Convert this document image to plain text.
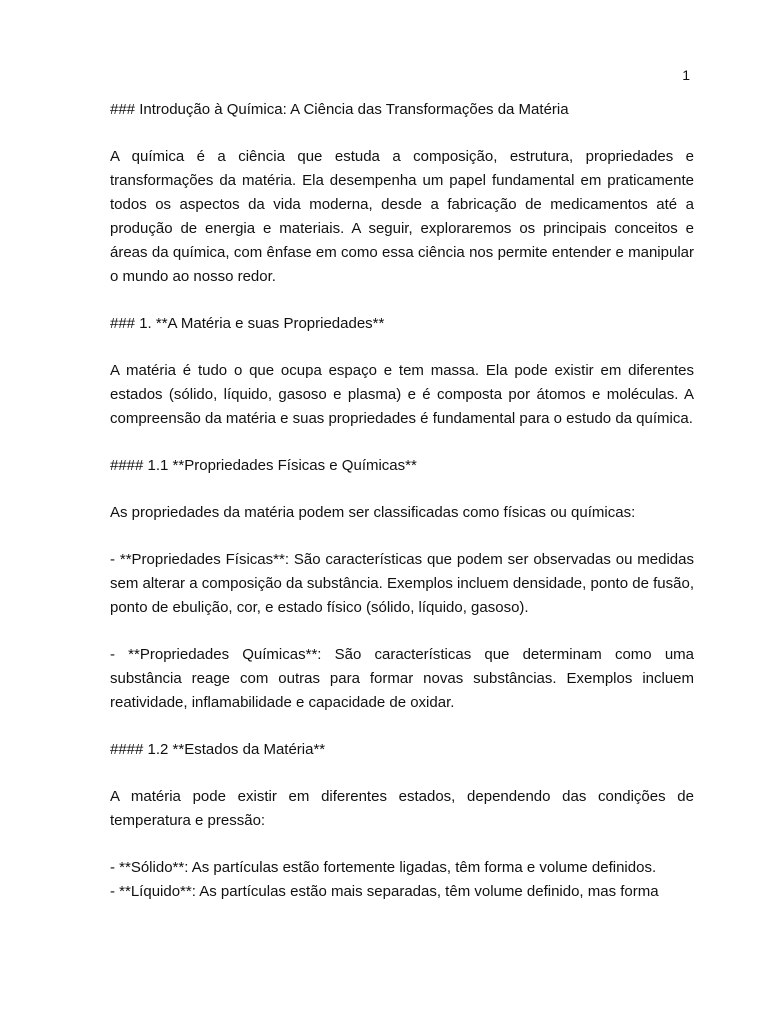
1

### Introdução à Química: A Ciência das Transformações da Matéria

A química é a ciência que estuda a composição, estrutura, propriedades e transformações da matéria. Ela desempenha um papel fundamental em praticamente todos os aspectos da vida moderna, desde a fabricação de medicamentos até a produção de energia e materiais. A seguir, exploraremos os principais conceitos e áreas da química, com ênfase em como essa ciência nos permite entender e manipular o mundo ao nosso redor.

### 1. **A Matéria e suas Propriedades**

A matéria é tudo o que ocupa espaço e tem massa. Ela pode existir em diferentes estados (sólido, líquido, gasoso e plasma) e é composta por átomos e moléculas. A compreensão da matéria e suas propriedades é fundamental para o estudo da química.

#### 1.1 **Propriedades Físicas e Químicas**

As propriedades da matéria podem ser classificadas como físicas ou químicas:

- **Propriedades Físicas**: São características que podem ser observadas ou medidas sem alterar a composição da substância. Exemplos incluem densidade, ponto de fusão, ponto de ebulição, cor, e estado físico (sólido, líquido, gasoso).

- **Propriedades Químicas**: São características que determinam como uma substância reage com outras para formar novas substâncias. Exemplos incluem reatividade, inflamabilidade e capacidade de oxidar.

#### 1.2 **Estados da Matéria**

A matéria pode existir em diferentes estados, dependendo das condições de temperatura e pressão:

- **Sólido**: As partículas estão fortemente ligadas, têm forma e volume definidos.

- **Líquido**: As partículas estão mais separadas, têm volume definido, mas forma
